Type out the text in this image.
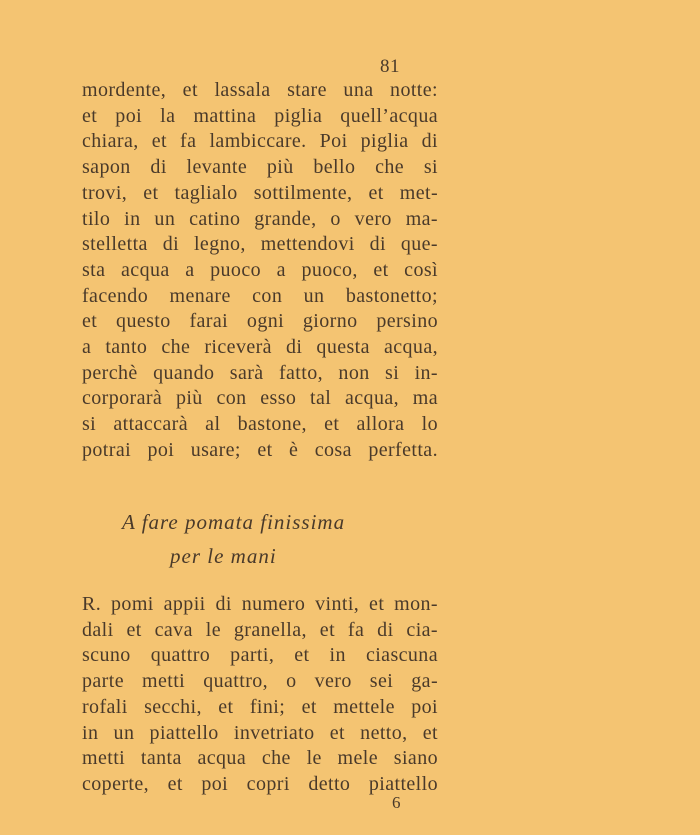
81
mordente, et lassala stare una notte:
et poi la mattina piglia quell’acqua
chiara, et fa lambiccare. Poi piglia di
sapon di levante più bello che si
trovi, et taglialo sottilmente, et met-
tilo in un catino grande, o vero ma-
stelletta di legno, mettendovi di que-
sta acqua a puoco a puoco, et così
facendo menare con un bastonetto;
et questo farai ogni giorno persino
a tanto che riceverà di questa acqua,
perchè quando sarà fatto, non si in-
corporarà più con esso tal acqua, ma
si attaccarà al bastone, et allora lo
potrai poi usare; et è cosa perfetta.
A fare pomata finissima
per le mani
R. pomi appii di numero vinti, et mon-
dali et cava le granella, et fa di cia-
scuno quattro parti, et in ciascuna
parte metti quattro, o vero sei ga-
rofali secchi, et fini; et mettele poi
in un piattello invetriato et netto, et
metti tanta acqua che le mele siano
coperte, et poi copri detto piattello
6
